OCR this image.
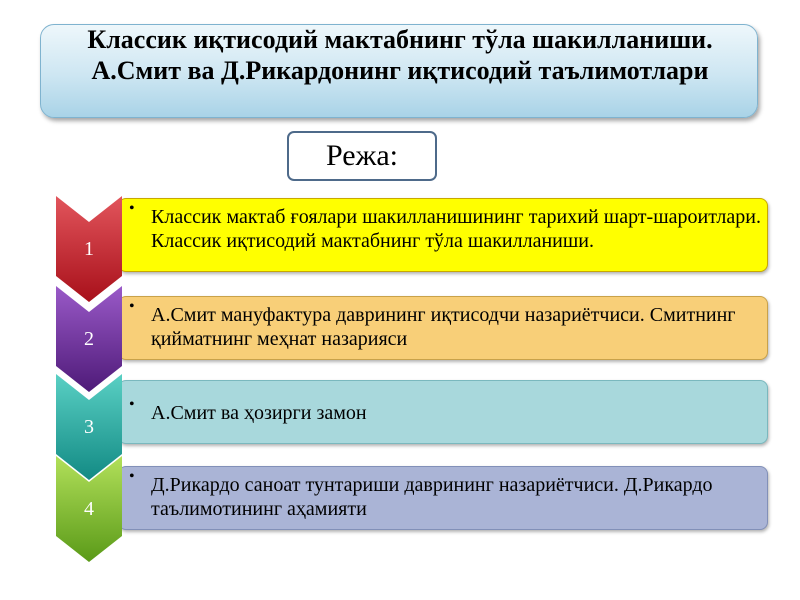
Классик иқтисодий мактабнинг тўла шакилланиши. А.Смит ва Д.Рикардонинг иқтисодий таълимотлари

Режа:

• Классик мактаб ғоялари шакилланишининг тарихий шарт-шароитлари. Классик иқтисодий мактабнинг тўла шакилланиши.

1

• А.Смит мануфактура даврининг иқтисодчи назариётчиси. Смитнинг қийматнинг меҳнат назарияси

2

• А.Смит ва ҳозирги замон

3

• Д.Рикардо саноат тунтариши даврининг назариётчиси. Д.Рикардо таълимотининг аҳамияти

4
